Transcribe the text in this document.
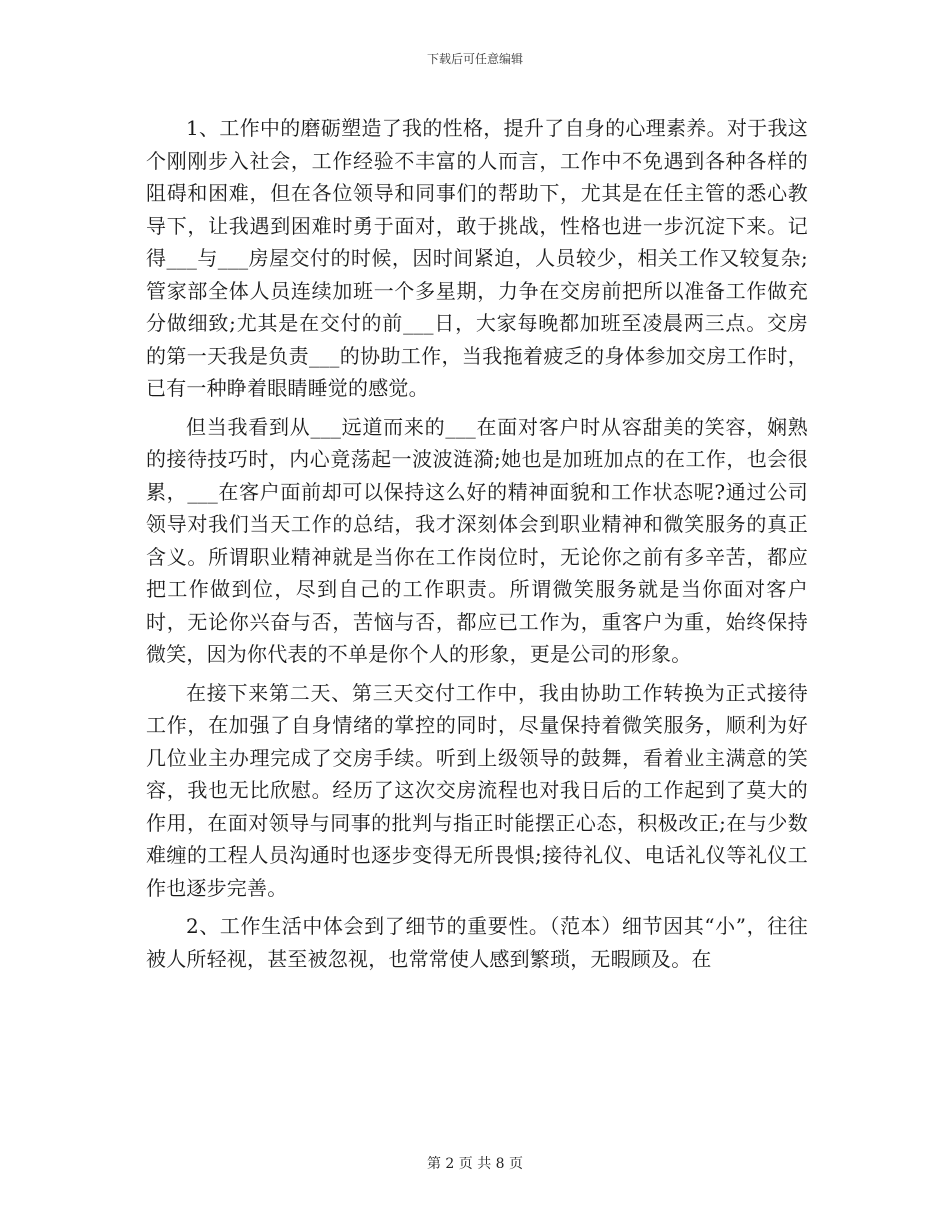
下载后可任意编辑

1、工作中的磨砺塑造了我的性格，提升了自身的心理素养。对于我这个刚刚步入社会，工作经验不丰富的人而言，工作中不免遇到各种各样的阻碍和困难，但在各位领导和同事们的帮助下，尤其是在任主管的悉心教导下，让我遇到困难时勇于面对，敢于挑战，性格也进一步沉淀下来。记得___与___房屋交付的时候，因时间紧迫，人员较少，相关工作又较复杂;管家部全体人员连续加班一个多星期，力争在交房前把所以准备工作做充分做细致;尤其是在交付的前___日，大家每晚都加班至凌晨两三点。交房的第一天我是负责___的协助工作，当我拖着疲乏的身体参加交房工作时，已有一种睁着眼睛睡觉的感觉。

但当我看到从___远道而来的___在面对客户时从容甜美的笑容，娴熟的接待技巧时，内心竟荡起一波波涟漪;她也是加班加点的在工作，也会很累，___在客户面前却可以保持这么好的精神面貌和工作状态呢?通过公司领导对我们当天工作的总结，我才深刻体会到职业精神和微笑服务的真正含义。所谓职业精神就是当你在工作岗位时，无论你之前有多辛苦，都应把工作做到位，尽到自己的工作职责。所谓微笑服务就是当你面对客户时，无论你兴奋与否，苦恼与否，都应已工作为，重客户为重，始终保持微笑，因为你代表的不单是你个人的形象，更是公司的形象。

在接下来第二天、第三天交付工作中，我由协助工作转换为正式接待工作，在加强了自身情绪的掌控的同时，尽量保持着微笑服务，顺利为好几位业主办理完成了交房手续。听到上级领导的鼓舞，看着业主满意的笑容，我也无比欣慰。经历了这次交房流程也对我日后的工作起到了莫大的作用，在面对领导与同事的批判与指正时能摆正心态，积极改正;在与少数难缠的工程人员沟通时也逐步变得无所畏惧;接待礼仪、电话礼仪等礼仪工作也逐步完善。

2、工作生活中体会到了细节的重要性。（范本）细节因其“小”，往往被人所轻视，甚至被忽视，也常常使人感到繁琐，无暇顾及。在

第 2 页 共 8 页
